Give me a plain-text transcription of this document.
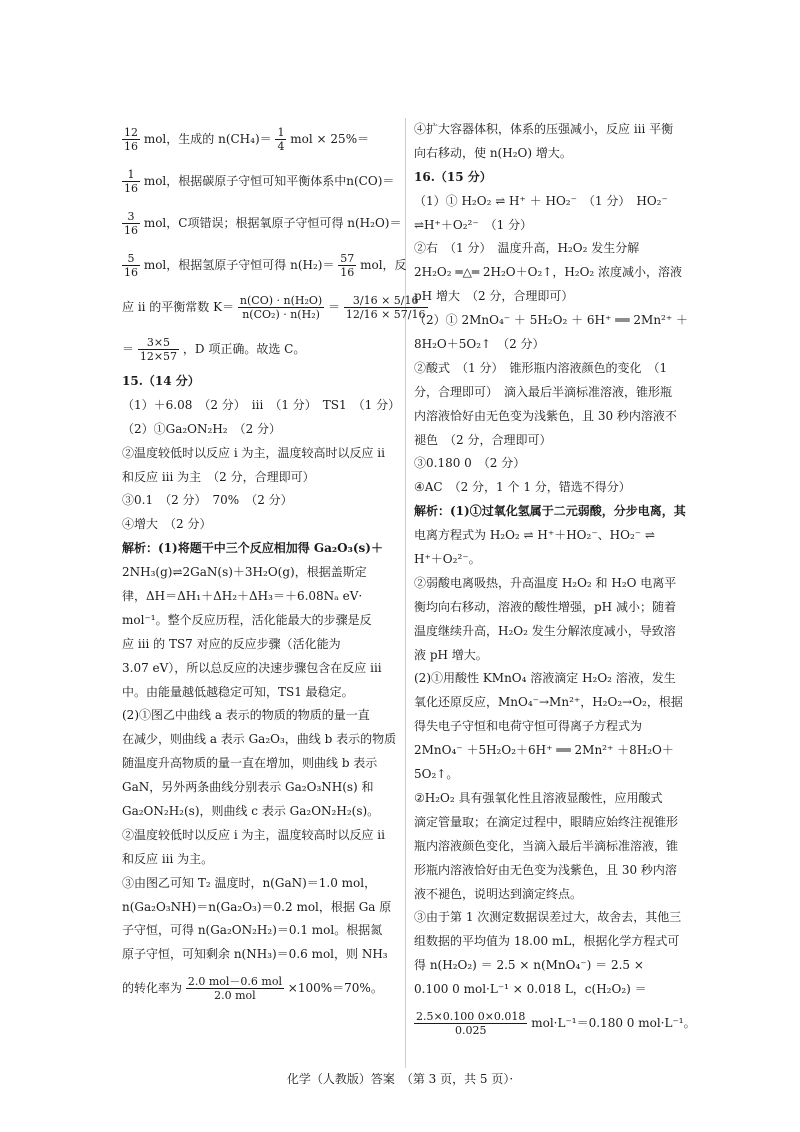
$\frac{12}{16}$ mol，生成的 $n(CH_4)= \frac{1}{4}$ mol × 25%＝
$\frac{1}{16}$ mol，根据碳原子守恒可知平衡体系中n(CO)＝
$\frac{3}{16}$ mol，C项错误；根据氧原子守恒可得 n(H₂O)＝
$\frac{5}{16}$ mol，根据氢原子守恒可得 $n(H_2)= \frac{57}{16}$ mol，反
应 ii 的平衡常数 $K= \frac{\text{n(CO) · n(H₂O)}}{\text{n(CO₂) · n(H₂)}} = \frac{3/16 \times 5/16}{12/16 \times 57/16}$
＝ $\frac{3\times 5}{12\times 57}$ ，D 项正确。故选 C。
15.（14 分）
（1）＋6.08　（2 分）　iii　（1 分）　TS1　（1 分）
（2）①Ga₂ON₂H₂　（2 分）
②温度较低时以反应 i 为主，温度较高时以反应 ii
和反应 iii 为主　（2 分，合理即可）
③0.1　（2 分）　70%　（2 分）
④增大　（2 分）
解析：(1)将题干中三个反应相加得 Ga₂O₃(s)＋
2NH₃(g)⇌2GaN(s)＋3H₂O(g)，根据盖斯定
律，ΔH＝ΔH₁＋ΔH₂＋ΔH₃＝＋6.08Nₐ eV·
mol⁻¹。整个反应历程，活化能最大的步骤是反
应 iii 的 TS7 对应的反应步骤（活化能为
3.07 eV），所以总反应的决速步骤包含在反应 iii
中。由能量越低越稳定可知，TS1 最稳定。
(2)①图乙中曲线 a 表示的物质的物质的量一直
在减少，则曲线 a 表示 Ga₂O₃，曲线 b 表示的物质
随温度升高物质的量一直在增加，则曲线 b 表示
GaN，另外两条曲线分别表示 Ga₂O₃NH(s) 和
Ga₂ON₂H₂(s)，则曲线 c 表示 Ga₂ON₂H₂(s)。
②温度较低时以反应 i 为主，温度较高时以反应 ii
和反应 iii 为主。
③由图乙可知 T₂ 温度时，n(GaN)＝1.0 mol，
n(Ga₂O₃NH)＝n(Ga₂O₃)＝0.2 mol，根据 Ga 原
子守恒，可得 n(Ga₂ON₂H₂)＝0.1 mol。根据氮
原子守恒，可知剩余 n(NH₃)＝0.6 mol，则 NH₃
的转化率为 $\frac{\text{2.0 mol－0.6 mol}}{\text{2.0 mol}} \times 100\%=70\%$。
④扩大容器体积，体系的压强减小，反应 iii 平衡
向右移动，使 n(H₂O) 增大。
16.（15 分）
（1）① H₂O₂ ⇌ H⁺ ＋ HO₂⁻　（1 分）　HO₂⁻
⇌H⁺＋O₂²⁻　（1 分）
②右　（1 分）　温度升高，H₂O₂ 发生分解
2H₂O₂ ═△═ 2H₂O＋O₂↑，H₂O₂ 浓度减小，溶液
pH 增大　（2 分，合理即可）
（2）① 2MnO₄⁻ ＋ 5H₂O₂ ＋ 6H⁺ ══ 2Mn²⁺ ＋
8H₂O＋5O₂↑　（2 分）
②酸式　（1 分）　锥形瓶内溶液颜色的变化　（1
分，合理即可）　滴入最后半滴标准溶液，锥形瓶
内溶液恰好由无色变为浅紫色，且 30 秒内溶液不
褪色　（2 分，合理即可）
③0.180 0　（2 分）
④AC　（2 分，1 个 1 分，错选不得分）
解析：(1)①过氧化氢属于二元弱酸，分步电离，其
电离方程式为 H₂O₂ ⇌ H⁺＋HO₂⁻、HO₂⁻ ⇌
H⁺＋O₂²⁻。
②弱酸电离吸热，升高温度 H₂O₂ 和 H₂O 电离平
衡均向右移动，溶液的酸性增强，pH 减小；随着
温度继续升高，H₂O₂ 发生分解浓度减小，导致溶
液 pH 增大。
(2)①用酸性 KMnO₄ 溶液滴定 H₂O₂ 溶液，发生
氧化还原反应，MnO₄⁻→Mn²⁺，H₂O₂→O₂，根据
得失电子守恒和电荷守恒可得离子方程式为
2MnO₄⁻ ＋5H₂O₂＋6H⁺ ══ 2Mn²⁺ ＋8H₂O＋
5O₂↑。
②H₂O₂ 具有强氧化性且溶液显酸性，应用酸式
滴定管量取；在滴定过程中，眼睛应始终注视锥形
瓶内溶液颜色变化，当滴入最后半滴标准溶液，锥
形瓶内溶液恰好由无色变为浅紫色，且 30 秒内溶
液不褪色，说明达到滴定终点。
③由于第 1 次测定数据误差过大，故舍去，其他三
组数据的平均值为 18.00 mL，根据化学方程式可
得 n(H₂O₂) ＝ 2.5 × n(MnO₄⁻) ＝ 2.5 ×
0.100 0 mol·L⁻¹ × 0.018 L，c(H₂O₂) ＝
$\frac{2.5\times 0.100 0\times 0.018}{0.025} mol\cdot L^{-1}=0.180$ 0 mol·L⁻¹。
化学（人教版）答案　（第 3 页，共 5 页）·
